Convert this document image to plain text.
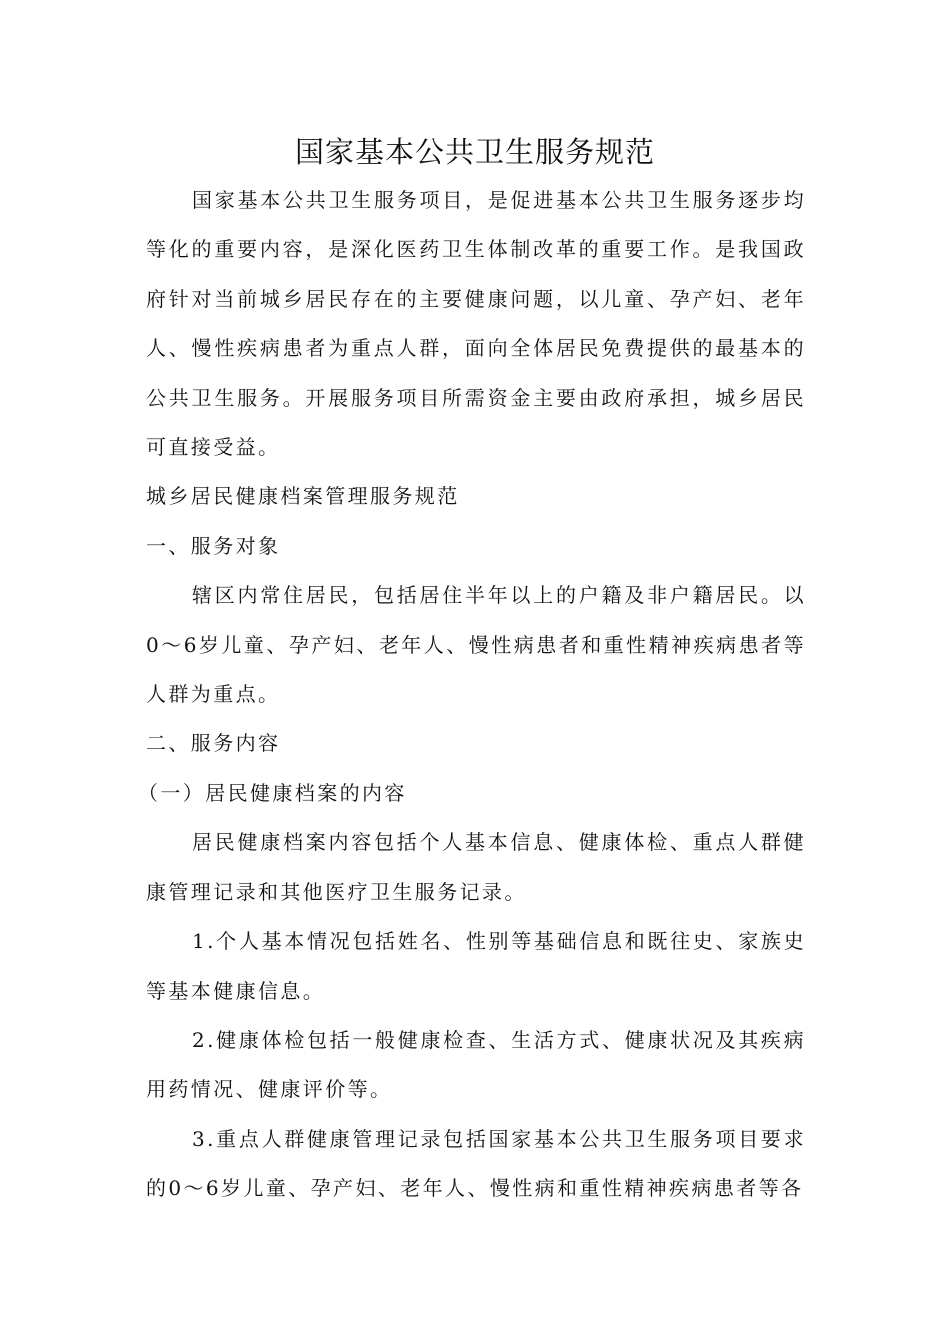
国家基本公共卫生服务规范

国家基本公共卫生服务项目，是促进基本公共卫生服务逐步均等化的重要内容，是深化医药卫生体制改革的重要工作。是我国政府针对当前城乡居民存在的主要健康问题，以儿童、孕产妇、老年人、慢性疾病患者为重点人群，面向全体居民免费提供的最基本的公共卫生服务。开展服务项目所需资金主要由政府承担，城乡居民可直接受益。

城乡居民健康档案管理服务规范

一、服务对象

辖区内常住居民，包括居住半年以上的户籍及非户籍居民。以0～6岁儿童、孕产妇、老年人、慢性病患者和重性精神疾病患者等人群为重点。

二、服务内容

（一）居民健康档案的内容

居民健康档案内容包括个人基本信息、健康体检、重点人群健康管理记录和其他医疗卫生服务记录。

1.个人基本情况包括姓名、性别等基础信息和既往史、家族史等基本健康信息。

2.健康体检包括一般健康检查、生活方式、健康状况及其疾病用药情况、健康评价等。

3.重点人群健康管理记录包括国家基本公共卫生服务项目要求的0～6岁儿童、孕产妇、老年人、慢性病和重性精神疾病患者等各
